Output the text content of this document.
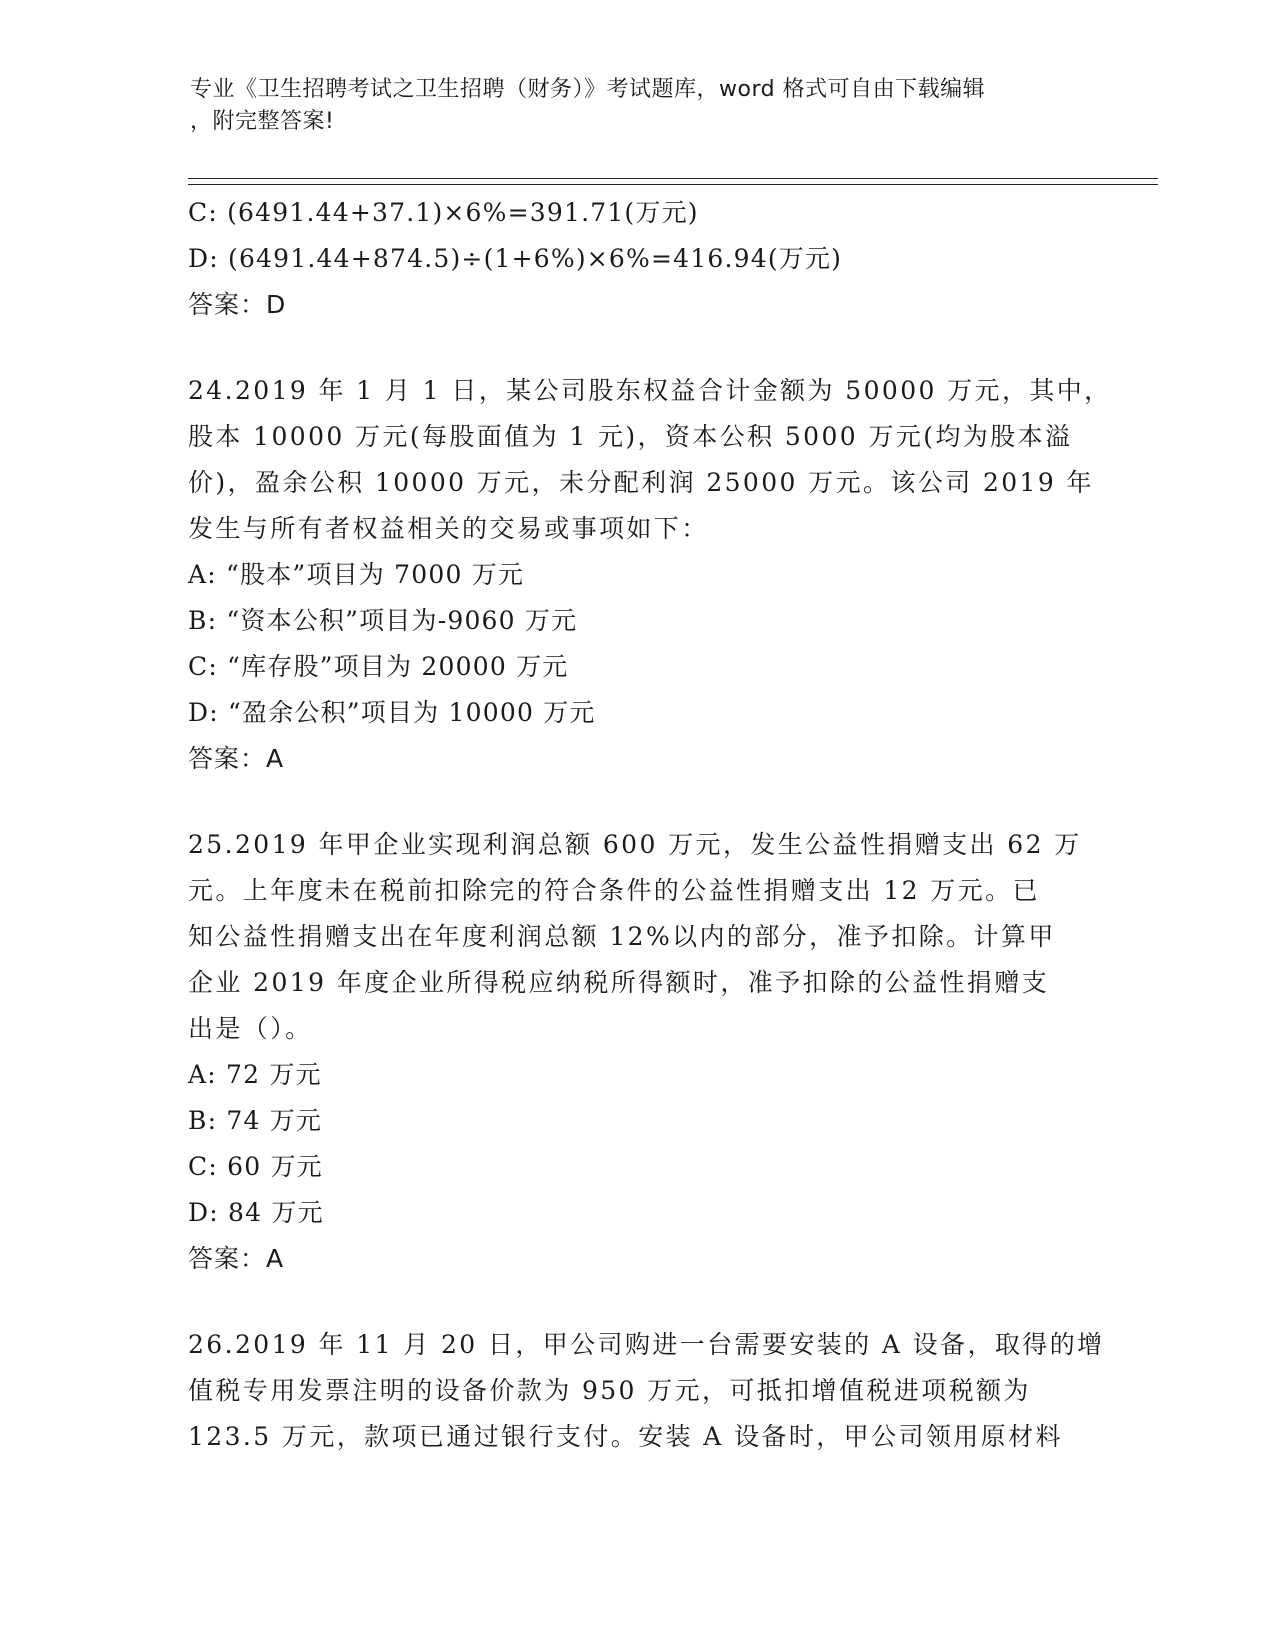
专业《卫生招聘考试之卫生招聘（财务）》考试题库，word 格式可自由下载编辑
，附完整答案!
C: (6491.44+37.1)×6%=391.71(万元)
D: (6491.44+874.5)÷(1+6%)×6%=416.94(万元)
答案：D
24.2019 年 1 月 1 日，某公司股东权益合计金额为 50000 万元，其中，
股本 10000 万元(每股面值为 1 元)，资本公积 5000 万元(均为股本溢
价)，盈余公积 10000 万元，未分配利润 25000 万元。该公司 2019 年
发生与所有者权益相关的交易或事项如下：
A: “股本”项目为 7000 万元
B: “资本公积”项目为-9060 万元
C: “库存股”项目为 20000 万元
D: “盈余公积”项目为 10000 万元
答案：A
25.2019 年甲企业实现利润总额 600 万元，发生公益性捐赠支出 62 万
元。上年度未在税前扣除完的符合条件的公益性捐赠支出 12 万元。已
知公益性捐赠支出在年度利润总额 12%以内的部分，准予扣除。计算甲
企业 2019 年度企业所得税应纳税所得额时，准予扣除的公益性捐赠支
出是（）。
A: 72 万元
B: 74 万元
C: 60 万元
D: 84 万元
答案：A
26.2019 年 11 月 20 日，甲公司购进一台需要安装的 A 设备，取得的增
值税专用发票注明的设备价款为 950 万元，可抵扣增值税进项税额为
123.5 万元，款项已通过银行支付。安装 A 设备时，甲公司领用原材料
